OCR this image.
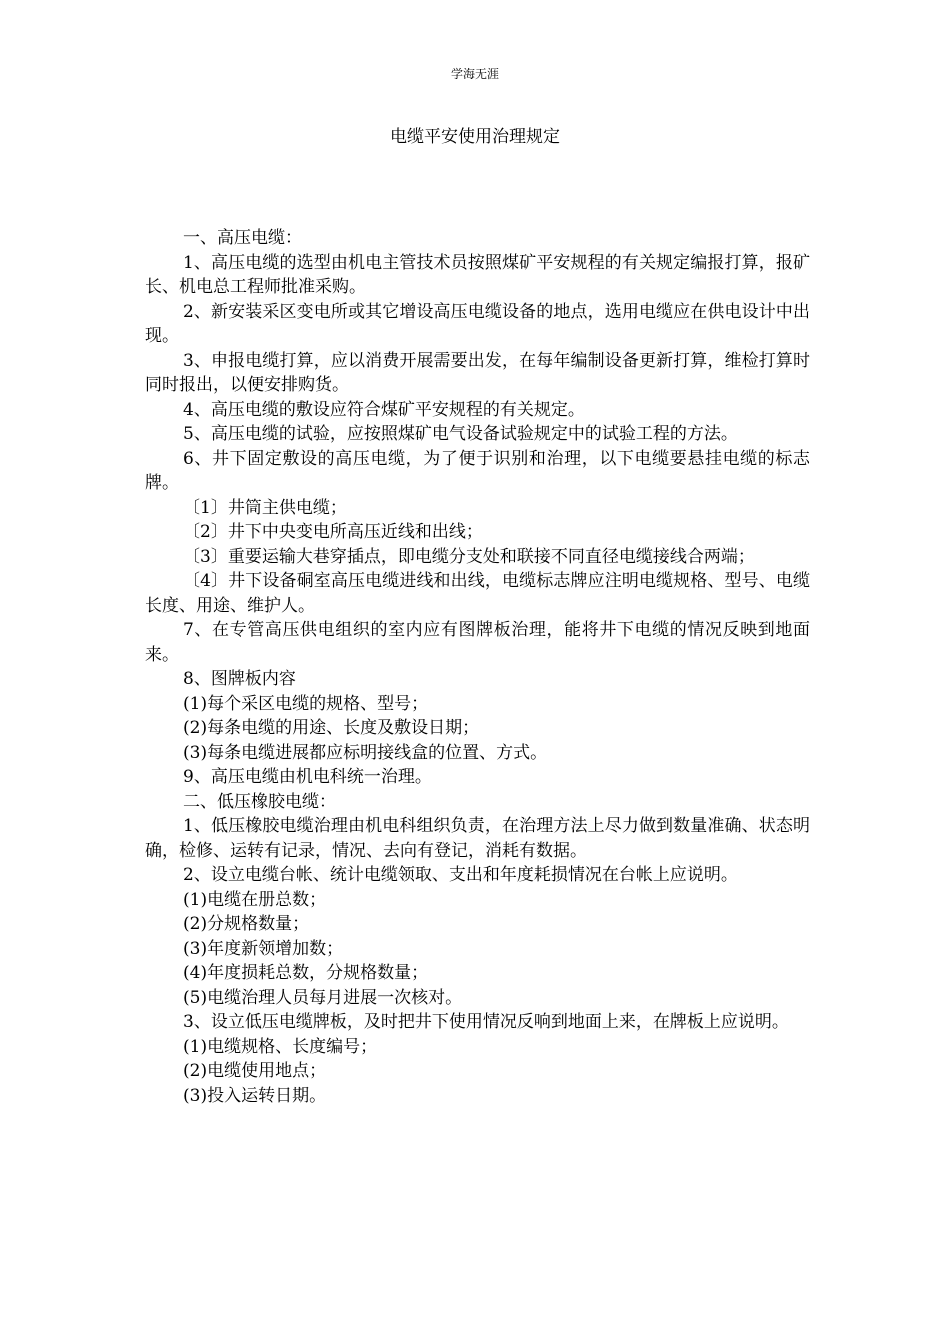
学海无涯
电缆平安使用治理规定

一、高压电缆：

1、高压电缆的选型由机电主管技术员按照煤矿平安规程的有关规定编报打算，报矿长、机电总工程师批准采购。

2、新安装采区变电所或其它增设高压电缆设备的地点，选用电缆应在供电设计中出现。

3、申报电缆打算，应以消费开展需要出发，在每年编制设备更新打算，维检打算时同时报出，以便安排购货。

4、高压电缆的敷设应符合煤矿平安规程的有关规定。

5、高压电缆的试验，应按照煤矿电气设备试验规定中的试验工程的方法。

6、井下固定敷设的高压电缆，为了便于识别和治理，以下电缆要悬挂电缆的标志牌。

〔1〕井筒主供电缆；

〔2〕井下中央变电所高压近线和出线；

〔3〕重要运输大巷穿插点，即电缆分支处和联接不同直径电缆接线合两端；

〔4〕井下设备硐室高压电缆进线和出线，电缆标志牌应注明电缆规格、型号、电缆长度、用途、维护人。

7、在专管高压供电组织的室内应有图牌板治理，能将井下电缆的情况反映到地面来。

8、图牌板内容

(1)每个采区电缆的规格、型号；

(2)每条电缆的用途、长度及敷设日期；

(3)每条电缆进展都应标明接线盒的位置、方式。

9、高压电缆由机电科统一治理。

二、低压橡胶电缆：

1、低压橡胶电缆治理由机电科组织负责，在治理方法上尽力做到数量准确、状态明确，检修、运转有记录，情况、去向有登记，消耗有数据。

2、设立电缆台帐、统计电缆领取、支出和年度耗损情况在台帐上应说明。

(1)电缆在册总数；

(2)分规格数量；

(3)年度新领增加数；

(4)年度损耗总数，分规格数量；

(5)电缆治理人员每月进展一次核对。

3、设立低压电缆牌板，及时把井下使用情况反响到地面上来，在牌板上应说明。

(1)电缆规格、长度编号；

(2)电缆使用地点；

(3)投入运转日期。
